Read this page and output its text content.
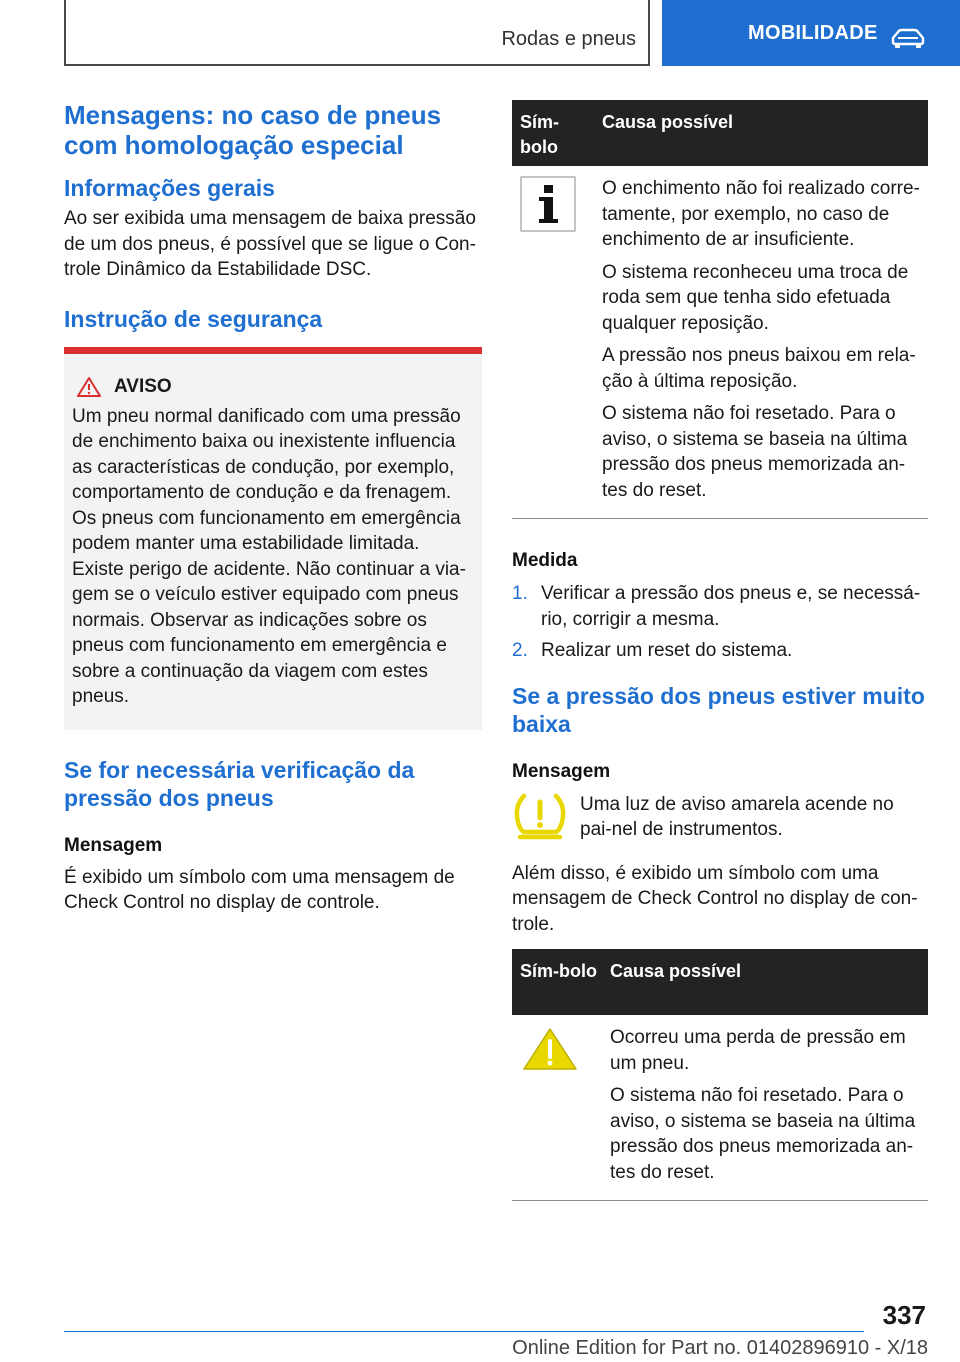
Rodas e pneus	MOBILIDADE
Mensagens: no caso de pneus com homologação especial
Informações gerais

Ao ser exibida uma mensagem de baixa pressão de um dos pneus, é possível que se ligue o Con-trole Dinâmico da Estabilidade DSC.

Instrução de segurança
AVISO

Um pneu normal danificado com uma pressão de enchimento baixa ou inexistente influencia as características de condução, por exemplo, comportamento de condução e da frenagem. Os pneus com funcionamento em emergência podem manter uma estabilidade limitada. Existe perigo de acidente. Não continuar a via-gem se o veículo estiver equipado com pneus normais. Observar as indicações sobre os pneus com funcionamento em emergência e sobre a continuação da viagem com estes pneus.

Se for necessária verificação da pressão dos pneus
Mensagem

É exibido um símbolo com uma mensagem de Check Control no display de controle.

Sím-bolo
Causa possível

O enchimento não foi realizado corre-tamente, por exemplo, no caso de enchimento de ar insuficiente.

O sistema reconheceu uma troca de roda sem que tenha sido efetuada qualquer reposição.

A pressão nos pneus baixou em rela-ção à última reposição.

O sistema não foi resetado. Para o aviso, o sistema se baseia na última pressão dos pneus memorizada an-tes do reset.

Medida
1. Verificar a pressão dos pneus e, se necessá-rio, corrigir a mesma.
2. Realizar um reset do sistema.
Se a pressão dos pneus estiver muito baixa
Mensagem

Uma luz de aviso amarela acende no pai-nel de instrumentos.

Além disso, é exibido um símbolo com uma mensagem de Check Control no display de con-trole.

Sím-bolo Causa possível

Ocorreu uma perda de pressão em um pneu.

O sistema não foi resetado. Para o aviso, o sistema se baseia na última pressão dos pneus memorizada an-tes do reset.

337
Online Edition for Part no. 01402896910 - X/18
